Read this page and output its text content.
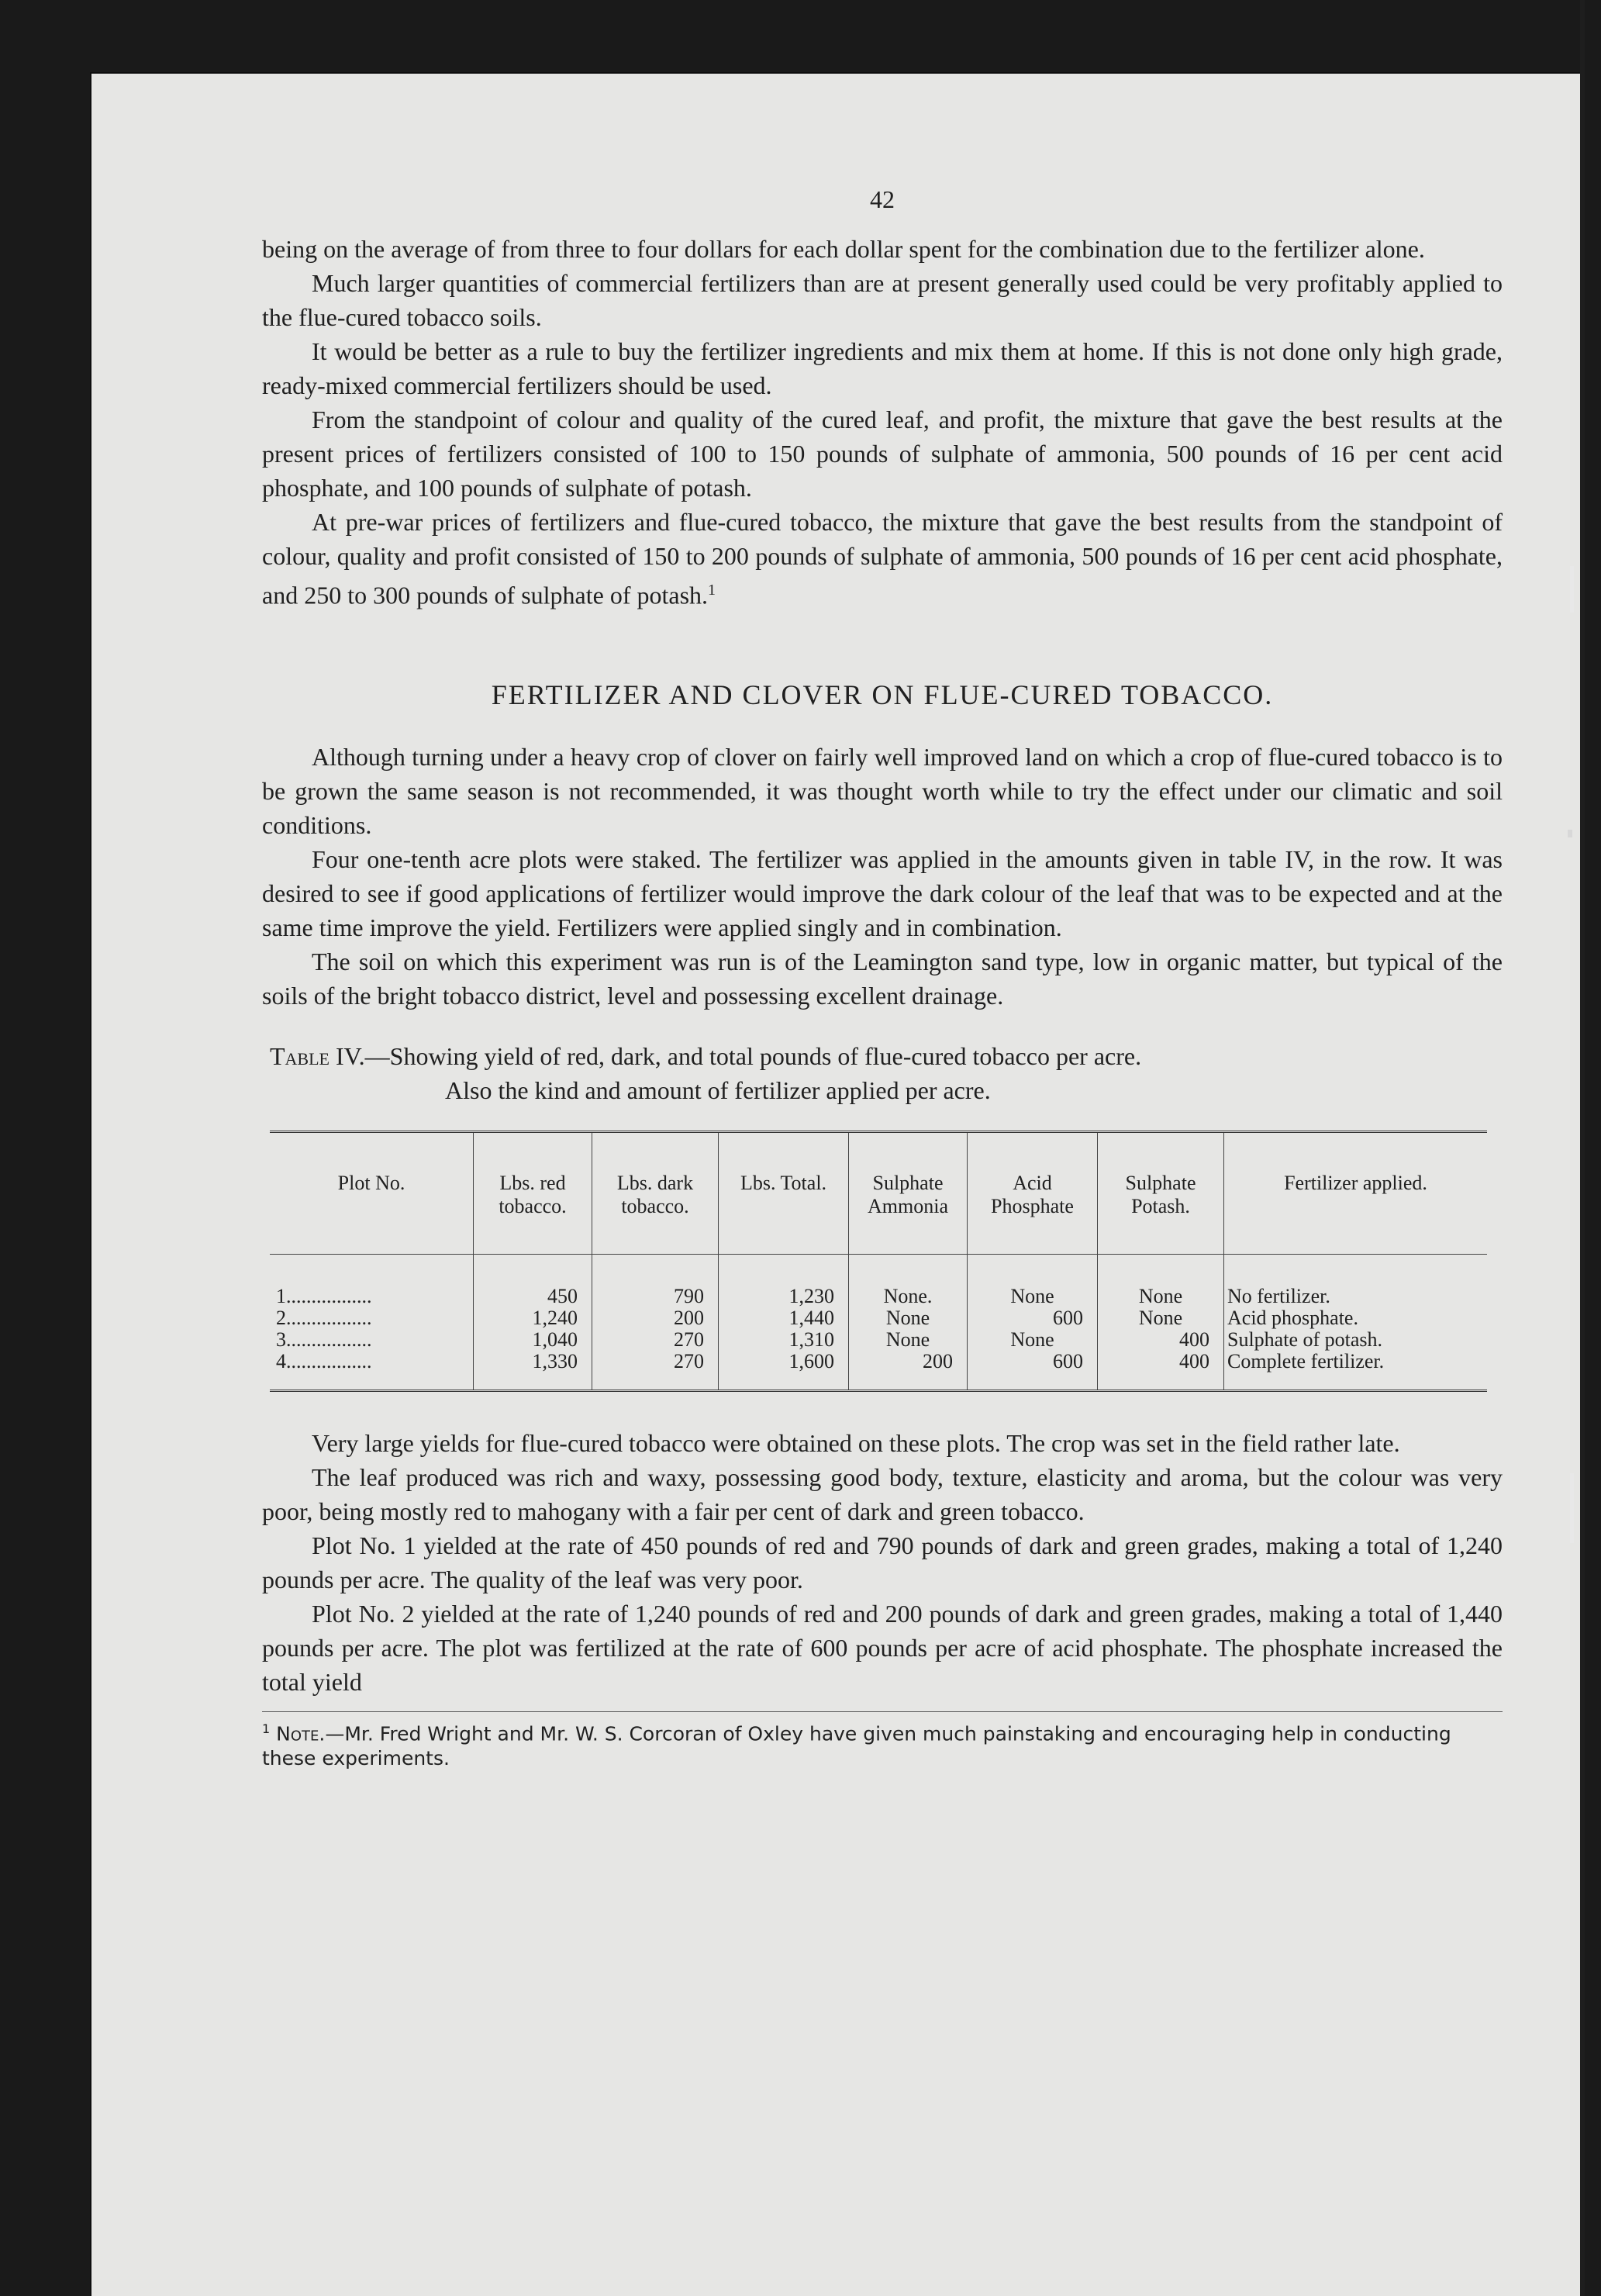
42

being on the average of from three to four dollars for each dollar spent for the combination due to the fertilizer alone.

Much larger quantities of commercial fertilizers than are at present generally used could be very profitably applied to the flue-cured tobacco soils.

It would be better as a rule to buy the fertilizer ingredients and mix them at home. If this is not done only high grade, ready-mixed commercial fertilizers should be used.

From the standpoint of colour and quality of the cured leaf, and profit, the mixture that gave the best results at the present prices of fertilizers consisted of 100 to 150 pounds of sulphate of ammonia, 500 pounds of 16 per cent acid phosphate, and 100 pounds of sulphate of potash.

At pre-war prices of fertilizers and flue-cured tobacco, the mixture that gave the best results from the standpoint of colour, quality and profit consisted of 150 to 200 pounds of sulphate of ammonia, 500 pounds of 16 per cent acid phosphate, and 250 to 300 pounds of sulphate of potash.$^1$

FERTILIZER AND CLOVER ON FLUE-CURED TOBACCO.

Although turning under a heavy crop of clover on fairly well improved land on which a crop of flue-cured tobacco is to be grown the same season is not recommended, it was thought worth while to try the effect under our climatic and soil conditions.

Four one-tenth acre plots were staked. The fertilizer was applied in the amounts given in table IV, in the row. It was desired to see if good applications of fertilizer would improve the dark colour of the leaf that was to be expected and at the same time improve the yield. Fertilizers were applied singly and in combination.

The soil on which this experiment was run is of the Leamington sand type, low in organic matter, but typical of the soils of the bright tobacco district, level and possessing excellent drainage.

Table IV.—Showing yield of red, dark, and total pounds of flue-cured tobacco per acre.
Also the kind and amount of fertilizer applied per acre.
Plot No.	Lbs. red tobacco.	Lbs. dark tobacco.	Lbs. Total.	Sulphate Ammonia	Acid Phosphate	Sulphate Potash.	Fertilizer applied.
1.................	450	790	1,230	None.	None	None	No fertilizer.
2.................	1,240	200	1,440	None	600	None	Acid phosphate.
3.................	1,040	270	1,310	None	None	400	Sulphate of potash.
4.................	1,330	270	1,600	200	600	400	Complete fertilizer.

Very large yields for flue-cured tobacco were obtained on these plots. The crop was set in the field rather late.

The leaf produced was rich and waxy, possessing good body, texture, elasticity and aroma, but the colour was very poor, being mostly red to mahogany with a fair per cent of dark and green tobacco.

Plot No. 1 yielded at the rate of 450 pounds of red and 790 pounds of dark and green grades, making a total of 1,240 pounds per acre. The quality of the leaf was very poor.

Plot No. 2 yielded at the rate of 1,240 pounds of red and 200 pounds of dark and green grades, making a total of 1,440 pounds per acre. The plot was fertilized at the rate of 600 pounds per acre of acid phosphate. The phosphate increased the total yield

$^1$ Note.—Mr. Fred Wright and Mr. W. S. Corcoran of Oxley have given much painstaking and encouraging help in conducting these experiments.
